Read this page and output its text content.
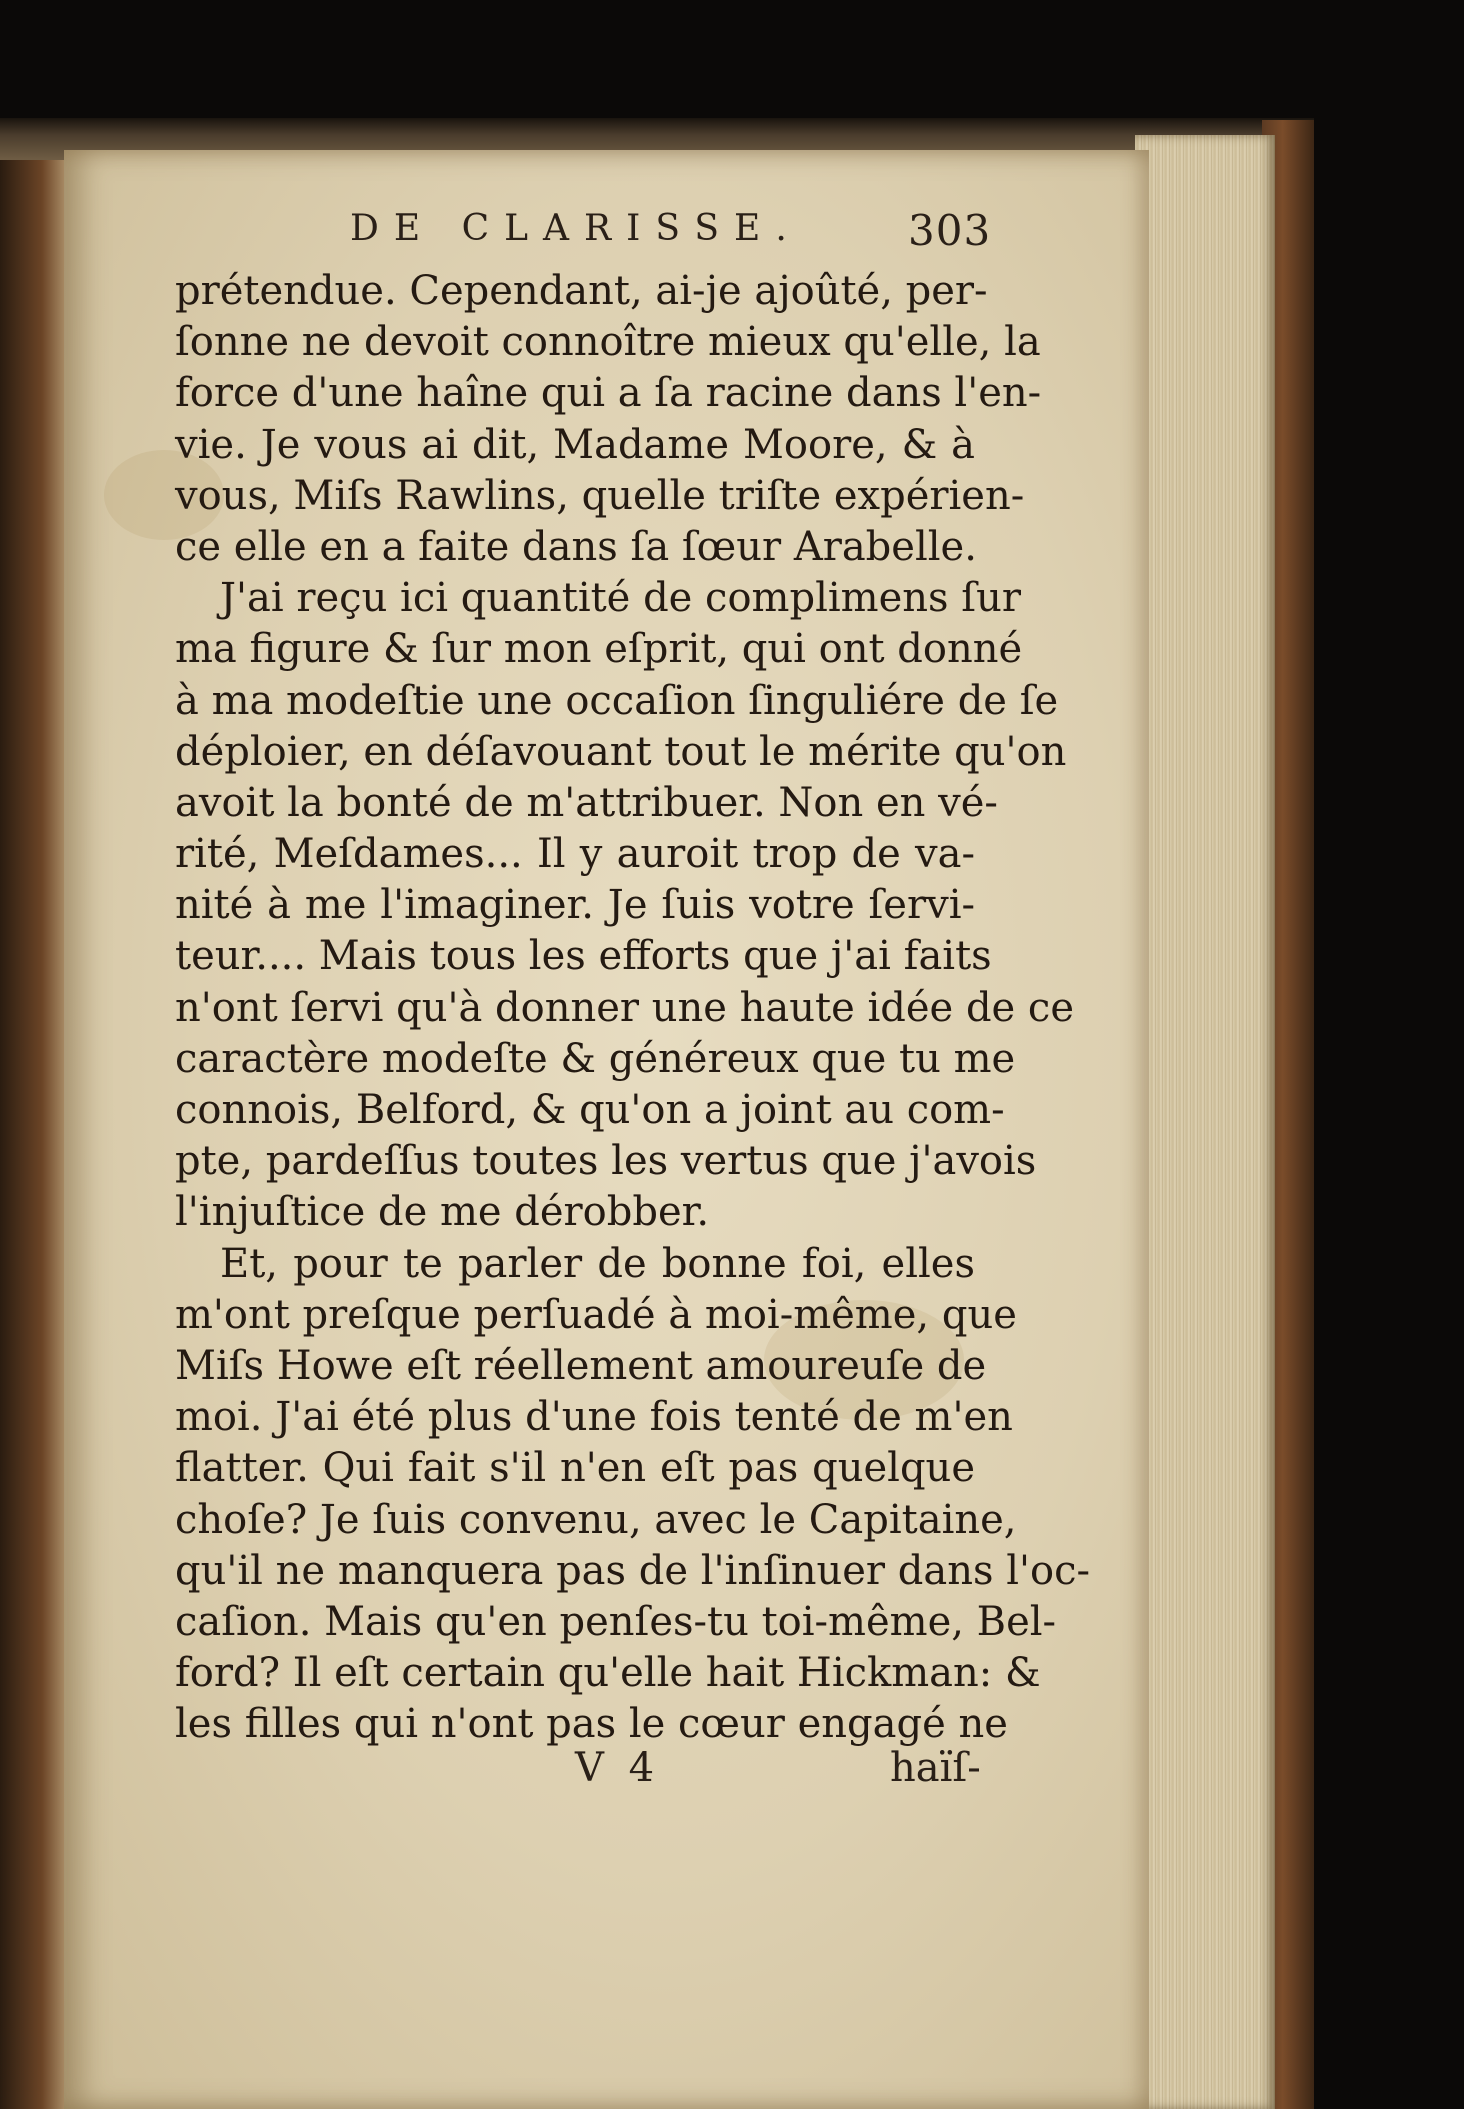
DE CLARISSE.	303
prétendue. Cependant, ai-je ajoûté, per-
ſonne ne devoit connoître mieux qu'elle, la
force d'une haîne qui a ſa racine dans l'en-
vie. Je vous ai dit, Madame Moore, & à
vous, Miſs Rawlins, quelle triſte expérien-
ce elle en a faite dans ſa ſœur Arabelle.
J'ai reçu ici quantité de complimens ſur
ma figure & ſur mon eſprit, qui ont donné
à ma modeſtie une occaſion ſinguliére de ſe
déploier, en déſavouant tout le mérite qu'on
avoit la bonté de m'attribuer. Non en vé-
rité, Meſdames... Il y auroit trop de va-
nité à me l'imaginer. Je ſuis votre ſervi-
teur.... Mais tous les efforts que j'ai faits
n'ont ſervi qu'à donner une haute idée de ce
caractère modeſte & généreux que tu me
connois, Belford, & qu'on a joint au com-
pte, pardeſſus toutes les vertus que j'avois
l'injuſtice de me dérobber.
Et, pour te parler de bonne foi, elles
m'ont preſque perſuadé à moi-même, que
Miſs Howe eſt réellement amoureuſe de
moi. J'ai été plus d'une fois tenté de m'en
flatter. Qui fait s'il n'en eſt pas quelque
choſe? Je ſuis convenu, avec le Capitaine,
qu'il ne manquera pas de l'inſinuer dans l'oc-
caſion. Mais qu'en penſes-tu toi-même, Bel-
ford? Il eſt certain qu'elle hait Hickman: &
les filles qui n'ont pas le cœur engagé ne
V 4	haïſ-
